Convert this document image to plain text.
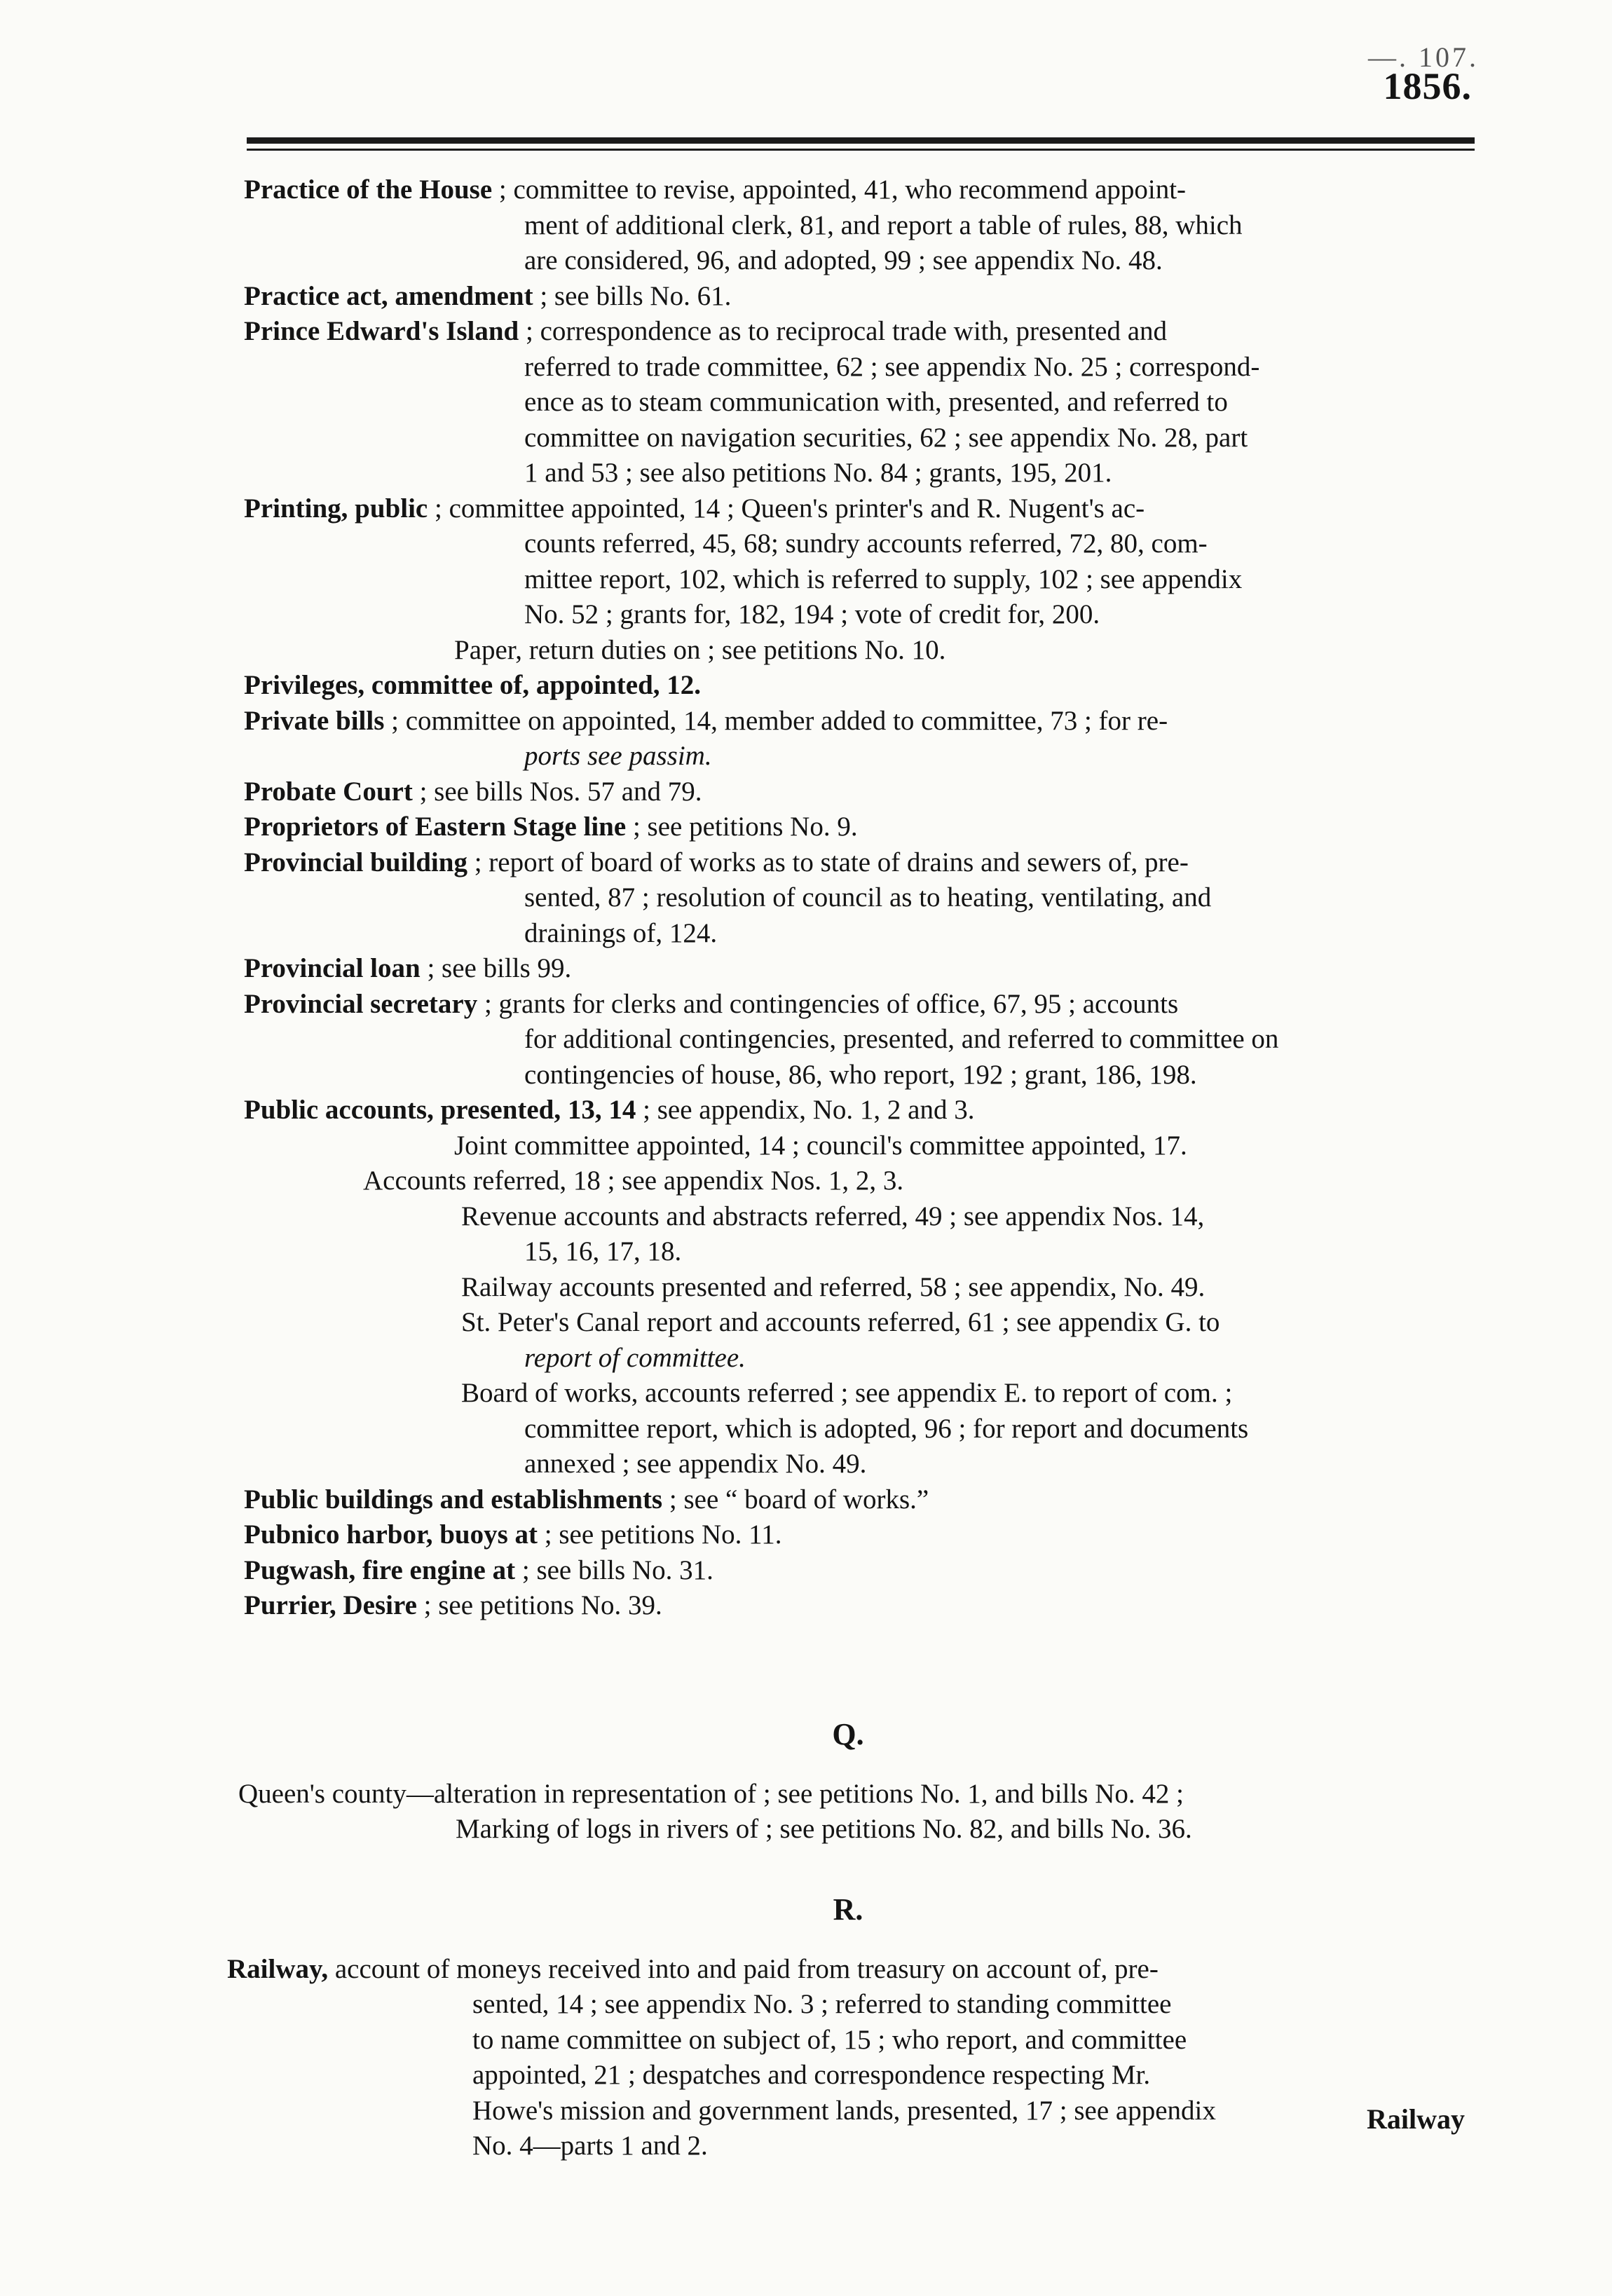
—. 107.
1856.

Practice of the House ; committee to revise, appointed, 41, who recommend appoint-

ment of additional clerk, 81, and report a table of rules, 88, which

are considered, 96, and adopted, 99 ; see appendix No. 48.

Practice act, amendment ; see bills No. 61.

Prince Edward's Island ; correspondence as to reciprocal trade with, presented and

referred to trade committee, 62 ; see appendix No. 25 ; correspond-

ence as to steam communication with, presented, and referred to

committee on navigation securities, 62 ; see appendix No. 28, part

1 and 53 ; see also petitions No. 84 ; grants, 195, 201.

Printing, public ; committee appointed, 14 ; Queen's printer's and R. Nugent's ac-

counts referred, 45, 68; sundry accounts referred, 72, 80, com-

mittee report, 102, which is referred to supply, 102 ; see appendix

No. 52 ; grants for, 182, 194 ; vote of credit for, 200.

Paper, return duties on ; see petitions No. 10.

Privileges, committee of, appointed, 12.

Private bills ; committee on appointed, 14, member added to committee, 73 ; for re-

ports see passim.

Probate Court ; see bills Nos. 57 and 79.

Proprietors of Eastern Stage line ; see petitions No. 9.

Provincial building ; report of board of works as to state of drains and sewers of, pre-

sented, 87 ; resolution of council as to heating, ventilating, and

drainings of, 124.

Provincial loan ; see bills 99.

Provincial secretary ; grants for clerks and contingencies of office, 67, 95 ; accounts

for additional contingencies, presented, and referred to committee on

contingencies of house, 86, who report, 192 ; grant, 186, 198.

Public accounts, presented, 13, 14 ; see appendix, No. 1, 2 and 3.

Joint committee appointed, 14 ; council's committee appointed, 17.

Accounts referred, 18 ; see appendix Nos. 1, 2, 3.

Revenue accounts and abstracts referred, 49 ; see appendix Nos. 14,

15, 16, 17, 18.

Railway accounts presented and referred, 58 ; see appendix, No. 49.

St. Peter's Canal report and accounts referred, 61 ; see appendix G. to

report of committee.

Board of works, accounts referred ; see appendix E. to report of com. ;

committee report, which is adopted, 96 ; for report and documents

annexed ; see appendix No. 49.

Public buildings and establishments ; see “ board of works.”

Pubnico harbor, buoys at ; see petitions No. 11.

Pugwash, fire engine at ; see bills No. 31.

Purrier, Desire ; see petitions No. 39.

Q.

Queen's county—alteration in representation of ; see petitions No. 1, and bills No. 42 ;

Marking of logs in rivers of ; see petitions No. 82, and bills No. 36.

R.

Railway, account of moneys received into and paid from treasury on account of, pre-

sented, 14 ; see appendix No. 3 ; referred to standing committee

to name committee on subject of, 15 ; who report, and committee

appointed, 21 ; despatches and correspondence respecting Mr.

Howe's mission and government lands, presented, 17 ; see appendix

No. 4—parts 1 and 2.

Railway
